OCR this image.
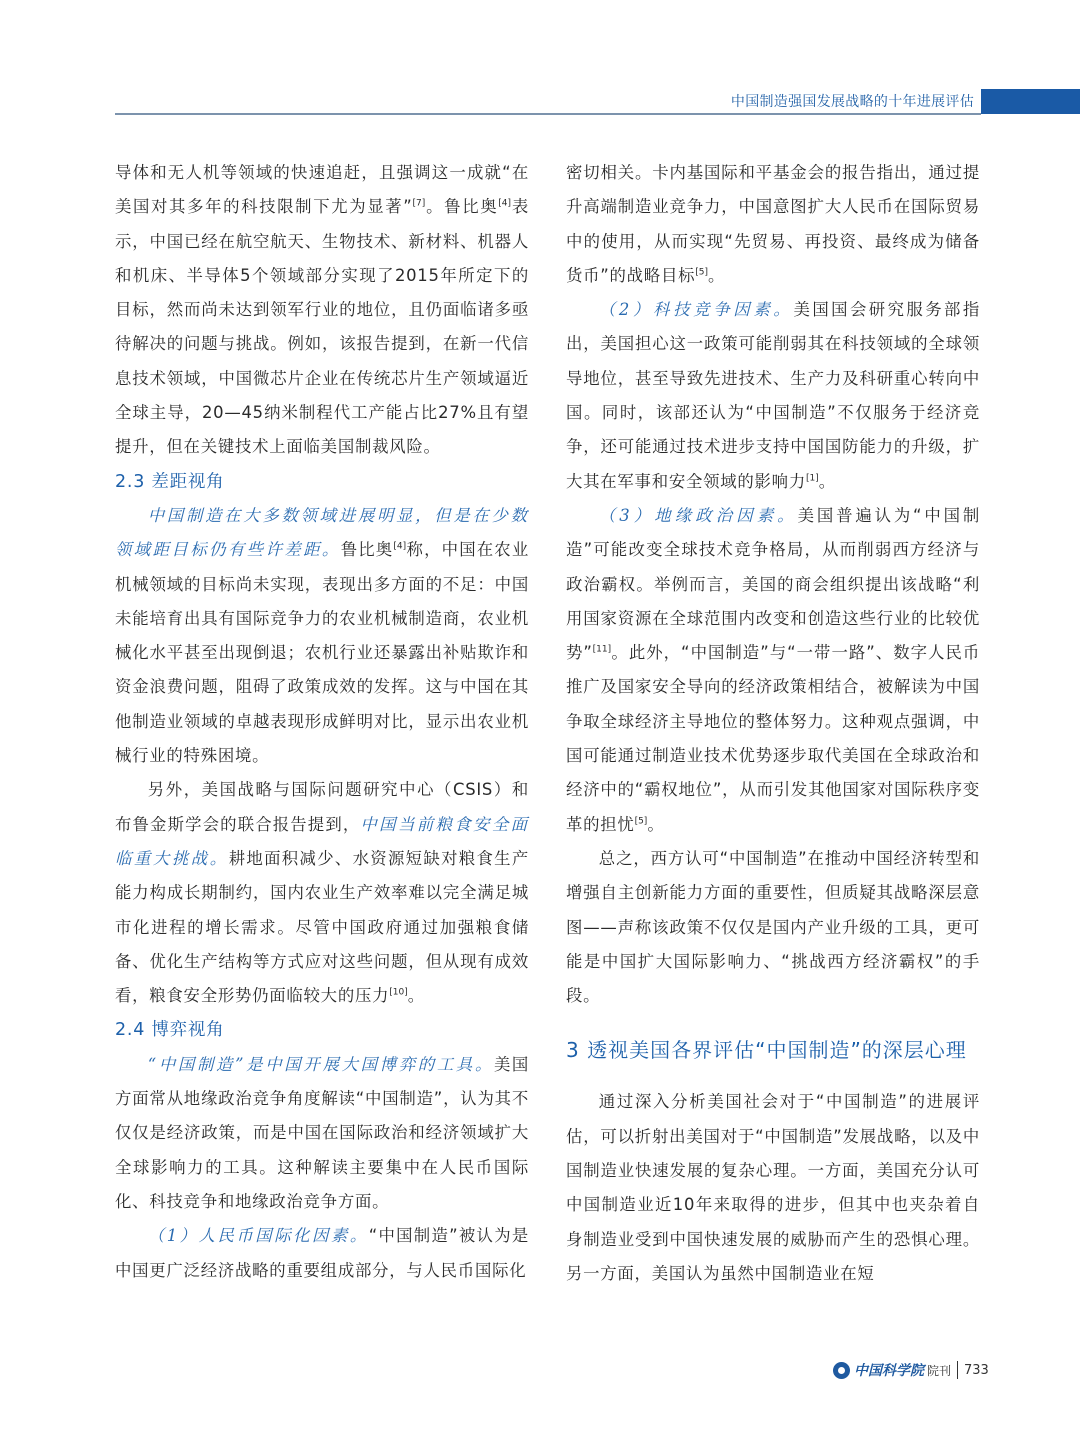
中国制造强国发展战略的十年进展评估

导体和无人机等领域的快速追赶，且强调这一成就“在美国对其多年的科技限制下尤为显著”[7]。鲁比奥[4]表示，中国已经在航空航天、生物技术、新材料、机器人和机床、半导体5个领域部分实现了2015年所定下的目标，然而尚未达到领军行业的地位，且仍面临诸多亟待解决的问题与挑战。例如，该报告提到，在新一代信息技术领域，中国微芯片企业在传统芯片生产领域逼近全球主导，20—45纳米制程代工产能占比27%且有望提升，但在关键技术上面临美国制裁风险。

2.3 差距视角

中国制造在大多数领域进展明显，但是在少数领域距目标仍有些许差距。鲁比奥[4]称，中国在农业机械领域的目标尚未实现，表现出多方面的不足：中国未能培育出具有国际竞争力的农业机械制造商，农业机械化水平甚至出现倒退；农机行业还暴露出补贴欺诈和资金浪费问题，阻碍了政策成效的发挥。这与中国在其他制造业领域的卓越表现形成鲜明对比，显示出农业机械行业的特殊困境。

另外，美国战略与国际问题研究中心（CSIS）和布鲁金斯学会的联合报告提到，中国当前粮食安全面临重大挑战。耕地面积减少、水资源短缺对粮食生产能力构成长期制约，国内农业生产效率难以完全满足城市化进程的增长需求。尽管中国政府通过加强粮食储备、优化生产结构等方式应对这些问题，但从现有成效看，粮食安全形势仍面临较大的压力[10]。

2.4 博弈视角

“中国制造”是中国开展大国博弈的工具。美国方面常从地缘政治竞争角度解读“中国制造”，认为其不仅仅是经济政策，而是中国在国际政治和经济领域扩大全球影响力的工具。这种解读主要集中在人民币国际化、科技竞争和地缘政治竞争方面。

（1）人民币国际化因素。“中国制造”被认为是中国更广泛经济战略的重要组成部分，与人民币国际化

密切相关。卡内基国际和平基金会的报告指出，通过提升高端制造业竞争力，中国意图扩大人民币在国际贸易中的使用，从而实现“先贸易、再投资、最终成为储备货币”的战略目标[5]。

（2）科技竞争因素。美国国会研究服务部指出，美国担心这一政策可能削弱其在科技领域的全球领导地位，甚至导致先进技术、生产力及科研重心转向中国。同时，该部还认为“中国制造”不仅服务于经济竞争，还可能通过技术进步支持中国国防能力的升级，扩大其在军事和安全领域的影响力[1]。

（3）地缘政治因素。美国普遍认为“中国制造”可能改变全球技术竞争格局，从而削弱西方经济与政治霸权。举例而言，美国的商会组织提出该战略“利用国家资源在全球范围内改变和创造这些行业的比较优势”[11]。此外，“中国制造”与“一带一路”、数字人民币推广及国家安全导向的经济政策相结合，被解读为中国争取全球经济主导地位的整体努力。这种观点强调，中国可能通过制造业技术优势逐步取代美国在全球政治和经济中的“霸权地位”，从而引发其他国家对国际秩序变革的担忧[5]。

总之，西方认可“中国制造”在推动中国经济转型和增强自主创新能力方面的重要性，但质疑其战略深层意图——声称该政策不仅仅是国内产业升级的工具，更可能是中国扩大国际影响力、“挑战西方经济霸权”的手段。

3 透视美国各界评估“中国制造”的深层心理

通过深入分析美国社会对于“中国制造”的进展评估，可以折射出美国对于“中国制造”发展战略，以及中国制造业快速发展的复杂心理。一方面，美国充分认可中国制造业近10年来取得的进步，但其中也夹杂着自身制造业受到中国快速发展的威胁而产生的恐惧心理。另一方面，美国认为虽然中国制造业在短

中国科学院 院刊 733
